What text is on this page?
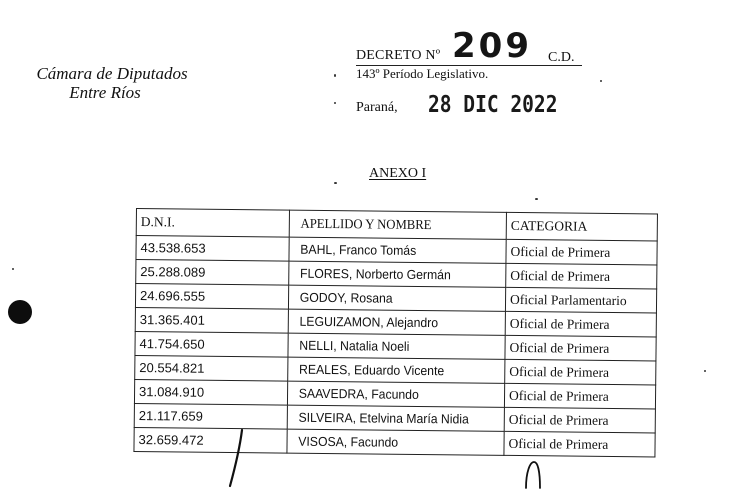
Cámara de Diputados
Entre Ríos
DECRETO Nº 209 C.D.
143º Período Legislativo.
Paraná, 28 DIC 2022
ANEXO I
D.N.I.	APELLIDO Y NOMBRE	CATEGORIA
43.538.653	BAHL, Franco Tomás	Oficial de Primera
25.288.089	FLORES, Norberto Germán	Oficial de Primera
24.696.555	GODOY, Rosana	Oficial Parlamentario
31.365.401	LEGUIZAMON, Alejandro	Oficial de Primera
41.754.650	NELLI, Natalia Noeli	Oficial de Primera
20.554.821	REALES, Eduardo Vicente	Oficial de Primera
31.084.910	SAAVEDRA, Facundo	Oficial de Primera
21.117.659	SILVEIRA, Etelvina María Nidia	Oficial de Primera
32.659.472	VISOSA, Facundo	Oficial de Primera
